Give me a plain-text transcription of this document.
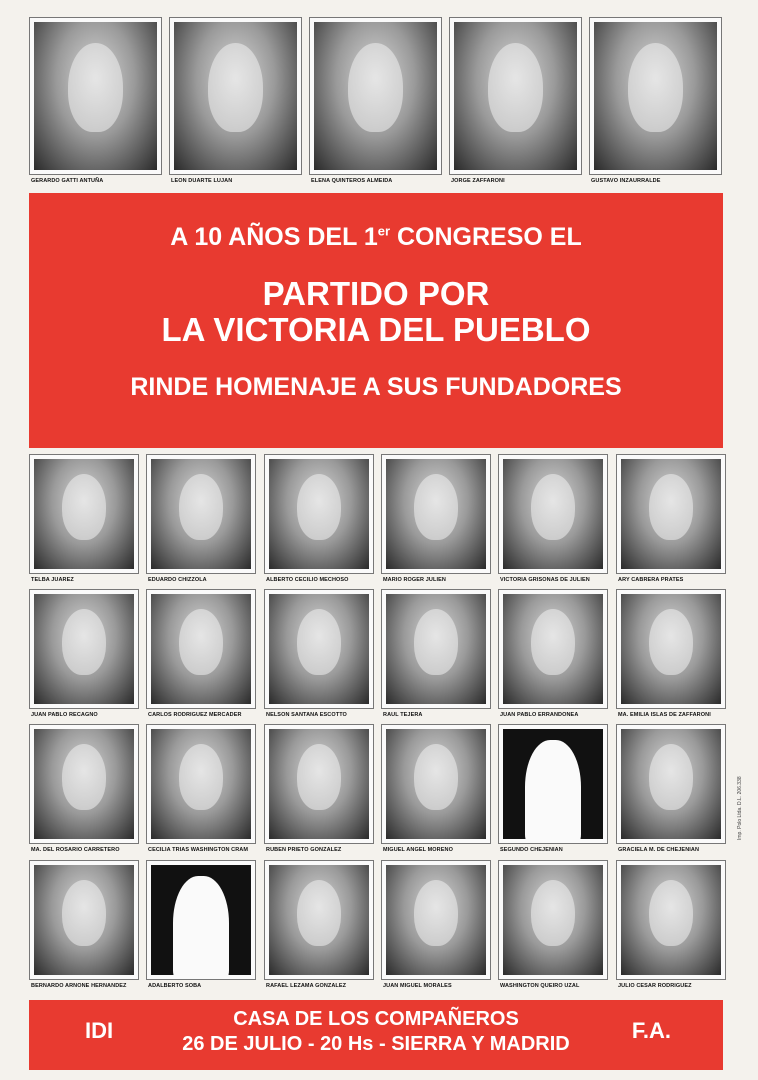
GERARDO GATTI ANTUÑA	LEON DUARTE LUJAN	ELENA QUINTEROS ALMEIDA	JORGE ZAFFARONI	GUSTAVO INZAURRALDE
A 10 AÑOS DEL 1er CONGRESO EL
PARTIDO POR
LA VICTORIA DEL PUEBLO
RINDE HOMENAJE A SUS FUNDADORES
TELBA JUAREZ	EDUARDO CHIZZOLA	ALBERTO CECILIO MECHOSO	MARIO ROGER JULIEN	VICTORIA GRISONAS DE JULIEN	ARY CABRERA PRATES
JUAN PABLO RECAGNO	CARLOS RODRIGUEZ MERCADER	NELSON SANTANA ESCOTTO	RAUL TEJERA	JUAN PABLO ERRANDONEA	MA. EMILIA ISLAS DE ZAFFARONI
MA. DEL ROSARIO CARRETERO	CECILIA TRIAS WASHINGTON CRAM	RUBEN PRIETO GONZALEZ	MIGUEL ANGEL MORENO	SEGUNDO CHEJENIAN	GRACIELA M. DE CHEJENIAN
BERNARDO ARNONE HERNANDEZ	ADALBERTO SOBA	RAFAEL LEZAMA GONZALEZ	JUAN MIGUEL MORALES	WASHINGTON QUEIRO UZAL	JULIO CESAR RODRIGUEZ
IDI	F.A.
CASA DE LOS COMPAÑEROS
26 DE JULIO - 20 Hs - SIERRA Y MADRID
Imp. Polo Ltda. D.L. 206.338
